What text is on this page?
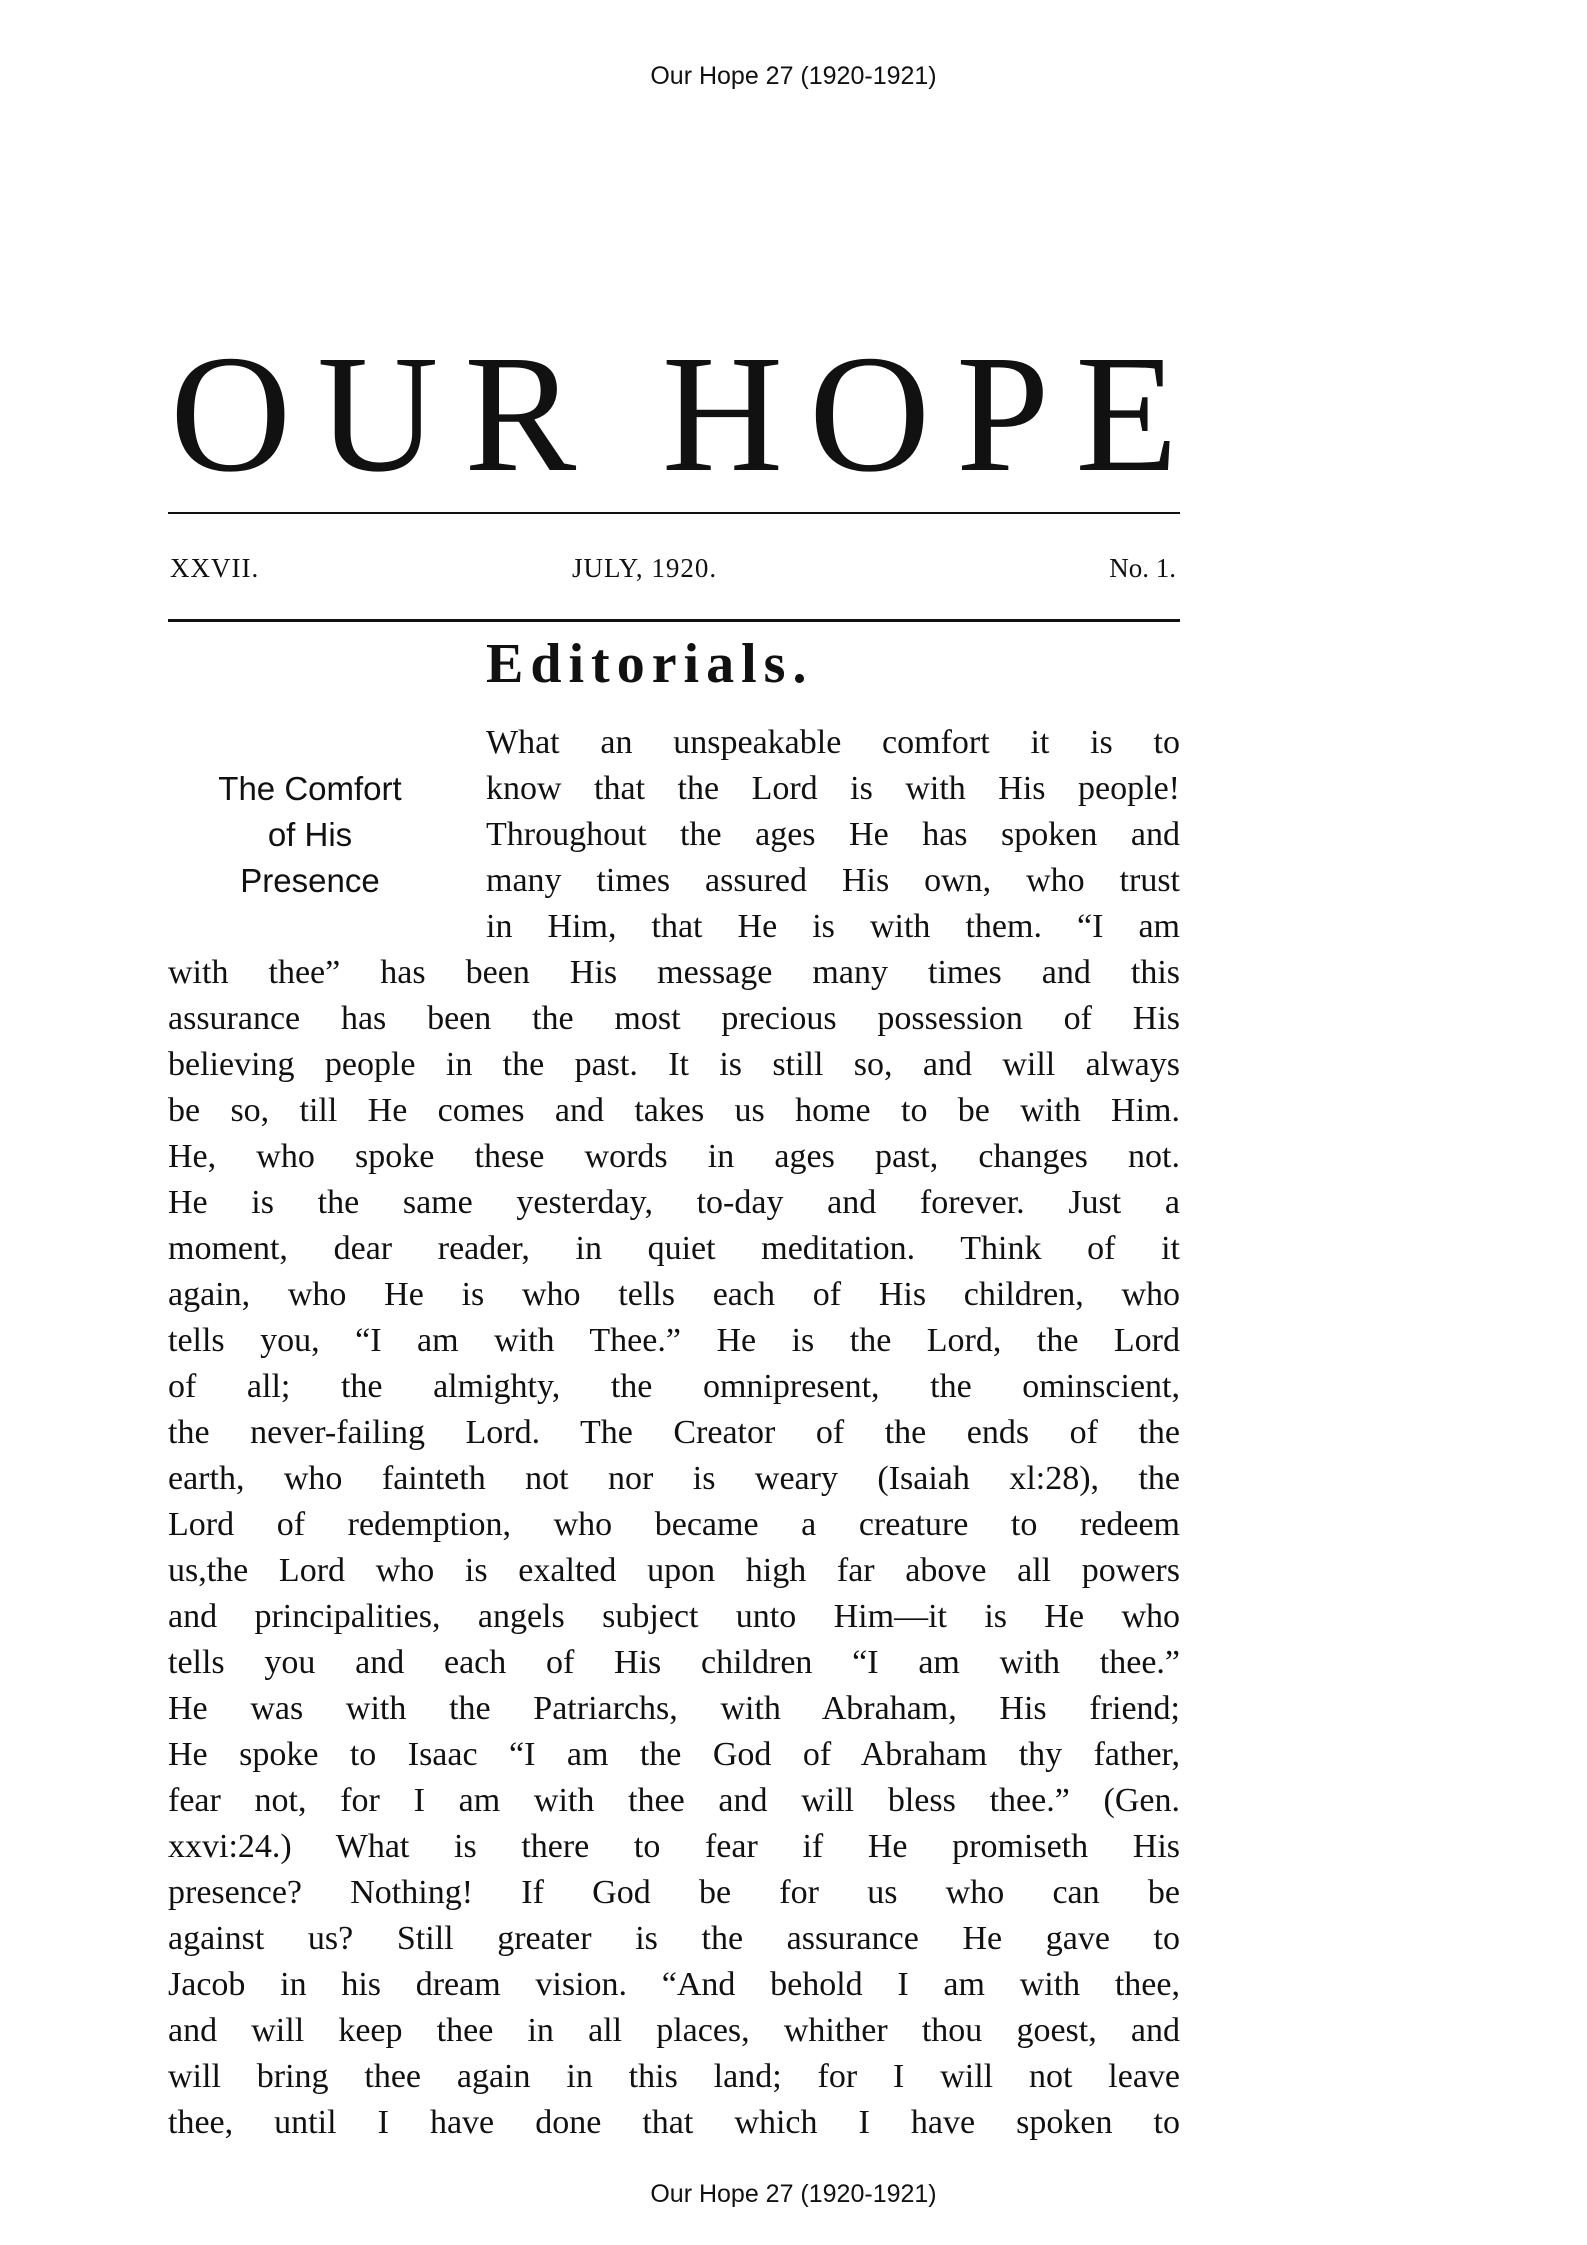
Our Hope 27 (1920-1921)
O U R H O P E
XXVII.	JULY, 1920.	No. 1.
Editorials.
The Comfort
of His
Presence
What an unspeakable comfort it is to
know that the Lord is with His people!
Throughout the ages He has spoken and
many times assured His own, who trust
in Him, that He is with them. “I am
with thee” has been His message many times and this
assurance has been the most precious possession of His
believing people in the past. It is still so, and will always
be so, till He comes and takes us home to be with Him.
He, who spoke these words in ages past, changes not.
He is the same yesterday, to-day and forever. Just a
moment, dear reader, in quiet meditation. Think of it
again, who He is who tells each of His children, who
tells you, “I am with Thee.” He is the Lord, the Lord
of all; the almighty, the omnipresent, the ominscient,
the never-failing Lord. The Creator of the ends of the
earth, who fainteth not nor is weary (Isaiah xl:28), the
Lord of redemption, who became a creature to redeem
us,the Lord who is exalted upon high far above all powers
and principalities, angels subject unto Him—it is He who
tells you and each of His children “I am with thee.”
He was with the Patriarchs, with Abraham, His friend;
He spoke to Isaac “I am the God of Abraham thy father,
fear not, for I am with thee and will bless thee.” (Gen.
xxvi:24.) What is there to fear if He promiseth His
presence? Nothing! If God be for us who can be
against us? Still greater is the assurance He gave to
Jacob in his dream vision. “And behold I am with thee,
and will keep thee in all places, whither thou goest, and
will bring thee again in this land; for I will not leave
thee, until I have done that which I have spoken to
Our Hope 27 (1920-1921)
